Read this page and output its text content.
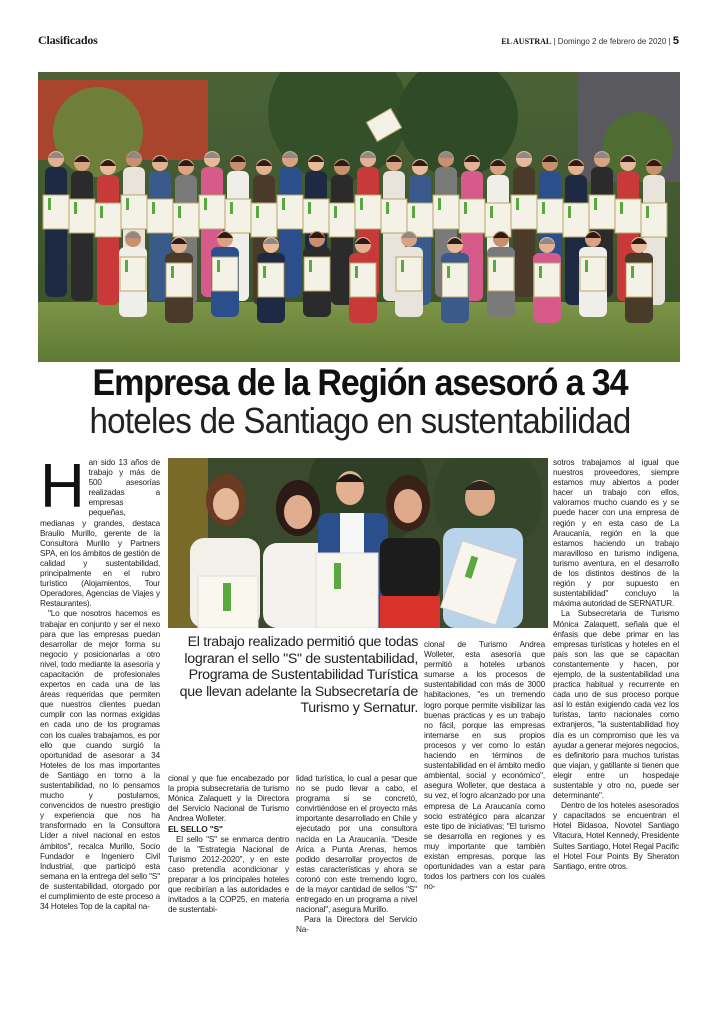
Clasificados	EL AUSTRAL | Domingo 2 de febrero de 2020 | 5
Empresa de la Región asesoró a 34
hoteles de Santiago en sustentabilidad
H an sido 13 años de trabajo y más de 500 asesorías realizadas a empresas pequeñas, medianas y grandes, destaca Braulio Murillo, gerente de la Consultora Murillo y Partners SPA, en los ámbitos de gestión de calidad y sustentabilidad, principalmente en el rubro turístico (Alojamientos, Tour Operadores, Agencias de Viajes y Restaurantes).

"Lo que nosotros hacemos es trabajar en conjunto y ser el nexo para que las empresas puedan desarrollar de mejor forma su negocio y posicionarlas a otro nivel, todo mediante la asesoría y capacitación de profesionales expertos en cada una de las áreas requeridas que permiten que nuestros clientes puedan cumplir con las normas exigidas en cada uno de los programas con los cuales trabajamos, es por ello que cuando surgió la oportunidad de asesorar a 34 Hoteles de los mas importantes de Santiago en torno a la sustentabilidad, no lo pensamos mucho y postulamos, convencidos de nuestro prestigio y experiencia que nos ha transformado en la Consultora Líder a nivel nacional en estos ámbitos", recalca Murillo, Socio Fundador e Ingeniero Civil Industrial, que participó esta semana en la entrega del sello "S" de sustentabilidad, otorgado por el cumplimiento de este proceso a 34 Hoteles Top de la capital na-

El trabajo realizado permitió que todas lograran el sello "S" de sustentabilidad, Programa de Sustentabilidad Turística que llevan adelante la Subsecretaría de Turismo y Sernatur.

cional y que fue encabezado por la propia subsecretaria de turismo Mónica Zalaquett y la Directora del Servicio Nacional de Turismo Andrea Wolleter.

EL SELLO "S"

El sello "S" se enmarca dentro de la "Estrategia Nacional de Turismo 2012-2020", y en este caso pretendía acondicionar y preparar a los principales hoteles que recibirían a las autoridades e invitados a la COP25, en materia de sustentabi-

lidad turística, lo cual a pesar que no se pudo llevar a cabo, el programa si se concretó, convirtiéndose en el proyecto más importante desarrollado en Chile y ejecutado por una consultora nacida en La Araucanía. "Desde Arica a Punta Arenas, hemos podido desarrollar proyectos de estas características y ahora se coronó con este tremendo logro, de la mayor cantidad de sellos "S" entregado en un programa a nivel nacional", asegura Murillo.

Para la Directora del Servicio Na-

cional de Turismo Andrea Wolleter, esta asesoría que permitió a hoteles urbanos sumarse a los procesos de sustentabilidad con más de 3000 habitaciones, "es un tremendo logro porque permite visibilizar las buenas practicas y es un trabajo no fácil, porque las empresas internarse en sus propios procesos y ver como lo están haciendo en términos de sustentabilidad en el ámbito medio ambiental, social y económico", asegura Wolleter, que destaca a su vez, el logro alcanzado por una empresa de La Araucanía como socio estratégico para alcanzar este tipo de iniciativas; "El turismo se desarrolla en regiones y es muy importante que también existan empresas, porque las oportunidades van a estar para todos los partners con los cuales no-

sotros trabajamos al igual que nuestros proveedores, siempre estamos muy abiertos a poder hacer un trabajo con ellos, valoramos mucho cuando es y se puede hacer con una empresa de región y en esta caso de La Araucanía, región en la que estamos haciendo un trabajo maravilloso en turismo indígena, turismo aventura, en el desarrollo de los distintos destinos de la región y por supuesto en sustentabilidad" concluyo la máxima autoridad de SERNATUR.

La Subsecretaria de Turismo Mónica Zalaquett, señala que el énfasis que debe primar en las empresas turísticas y hoteles en el país son las que se capacitan constantemente y hacen, por ejemplo, de la sustentabilidad una practica habitual y recurrente en cada uno de sus proceso porque así lo están exigiendo cada vez los turistas, tanto nacionales como extranjeros, "la sustentabilidad hoy día es un compromiso que les va ayudar a generar mejores negocios, es definitorio para muchos turistas que viajan, y gatillante si tienen que elegir entre un hospedaje sustentable y otro no, puede ser determinante".

Dentro de los hoteles asesorados y capacitados se encuentran el Hotel Bidasoa, Novotel Santiago Vitacura, Hotel Kennedy, Presidente Suites Santiago, Hotel Regal Pacific el Hotel Four Points By Sheraton Santiago, entre otros.
